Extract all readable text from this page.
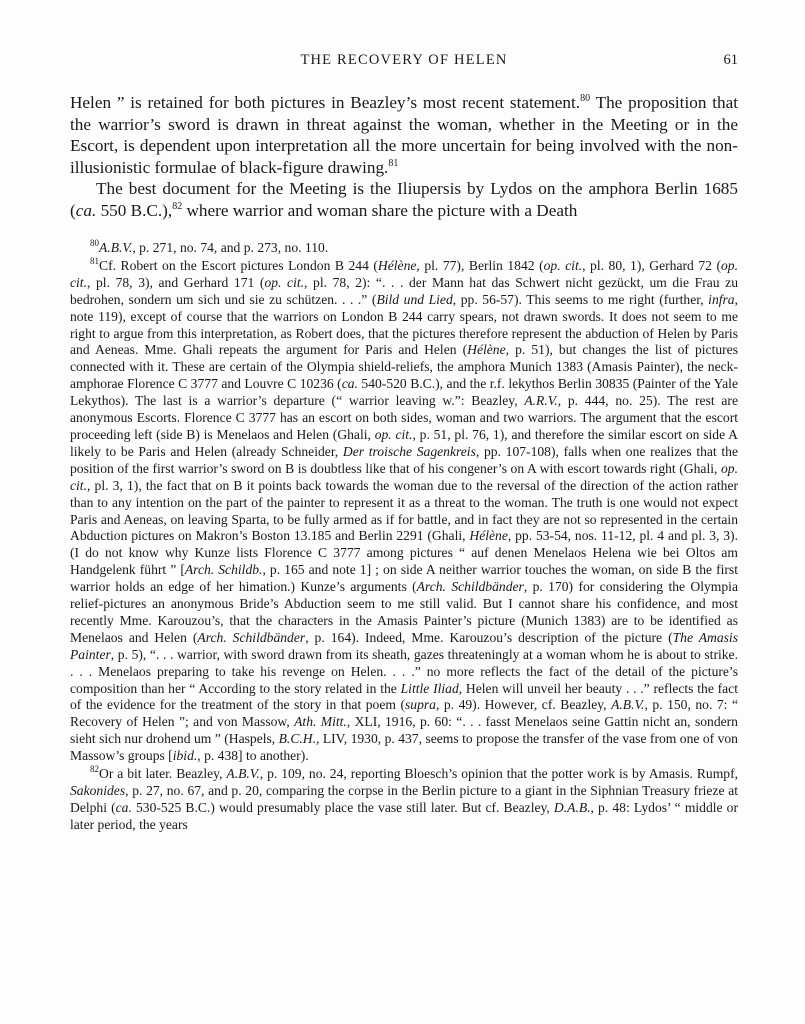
THE RECOVERY OF HELEN	61

Helen ” is retained for both pictures in Beazley’s most recent statement.$^{80}$ The proposition that the warrior’s sword is drawn in threat against the woman, whether in the Meeting or in the Escort, is dependent upon interpretation all the more uncertain for being involved with the non-illusionistic formulae of black-figure drawing.$^{81}$

The best document for the Meeting is the Iliupersis by Lydos on the amphora Berlin 1685 (ca. 550 B.C.),$^{82}$ where warrior and woman share the picture with a Death

$^{80}$A.B.V., p. 271, no. 74, and p. 273, no. 110.

$^{81}$Cf. Robert on the Escort pictures London B 244 (Hélène, pl. 77), Berlin 1842 (op. cit., pl. 80, 1), Gerhard 72 (op. cit., pl. 78, 3), and Gerhard 171 (op. cit., pl. 78, 2): “. . . der Mann hat das Schwert nicht gezückt, um die Frau zu bedrohen, sondern um sich und sie zu schützen. . . .” (Bild und Lied, pp. 56-57). This seems to me right (further, infra, note 119), except of course that the warriors on London B 244 carry spears, not drawn swords. It does not seem to me right to argue from this interpretation, as Robert does, that the pictures therefore represent the abduction of Helen by Paris and Aeneas. Mme. Ghali repeats the argument for Paris and Helen (Hélène, p. 51), but changes the list of pictures connected with it. These are certain of the Olympia shield-reliefs, the amphora Munich 1383 (Amasis Painter), the neck-amphorae Florence C 3777 and Louvre C 10236 (ca. 540-520 B.C.), and the r.f. lekythos Berlin 30835 (Painter of the Yale Lekythos). The last is a warrior’s departure (“ warrior leaving w.”: Beazley, A.R.V., p. 444, no. 25). The rest are anonymous Escorts. Florence C 3777 has an escort on both sides, woman and two warriors. The argument that the escort proceeding left (side B) is Menelaos and Helen (Ghali, op. cit., p. 51, pl. 76, 1), and therefore the similar escort on side A likely to be Paris and Helen (already Schneider, Der troische Sagenkreis, pp. 107-108), falls when one realizes that the position of the first warrior’s sword on B is doubtless like that of his congener’s on A with escort towards right (Ghali, op. cit., pl. 3, 1), the fact that on B it points back towards the woman due to the reversal of the direction of the action rather than to any intention on the part of the painter to represent it as a threat to the woman. The truth is one would not expect Paris and Aeneas, on leaving Sparta, to be fully armed as if for battle, and in fact they are not so represented in the certain Abduction pictures on Makron’s Boston 13.185 and Berlin 2291 (Ghali, Hélène, pp. 53-54, nos. 11-12, pl. 4 and pl. 3, 3). (I do not know why Kunze lists Florence C 3777 among pictures “ auf denen Menelaos Helena wie bei Oltos am Handgelenk führt ” [Arch. Schildb., p. 165 and note 1] ; on side A neither warrior touches the woman, on side B the first warrior holds an edge of her himation.) Kunze’s arguments (Arch. Schildbänder, p. 170) for considering the Olympia relief-pictures an anonymous Bride’s Abduction seem to me still valid. But I cannot share his confidence, and most recently Mme. Karouzou’s, that the characters in the Amasis Painter’s picture (Munich 1383) are to be identified as Menelaos and Helen (Arch. Schildbänder, p. 164). Indeed, Mme. Karouzou’s description of the picture (The Amasis Painter, p. 5), “. . . warrior, with sword drawn from its sheath, gazes threateningly at a woman whom he is about to strike. . . . Menelaos preparing to take his revenge on Helen. . . .” no more reflects the fact of the detail of the picture’s composition than her “ According to the story related in the Little Iliad, Helen will unveil her beauty . . .” reflects the fact of the evidence for the treatment of the story in that poem (supra, p. 49). However, cf. Beazley, A.B.V., p. 150, no. 7: “ Recovery of Helen ”; and von Massow, Ath. Mitt., XLI, 1916, p. 60: “. . . fasst Menelaos seine Gattin nicht an, sondern sieht sich nur drohend um ” (Haspels, B.C.H., LIV, 1930, p. 437, seems to propose the transfer of the vase from one of von Massow’s groups [ibid., p. 438] to another).

$^{82}$Or a bit later. Beazley, A.B.V., p. 109, no. 24, reporting Bloesch’s opinion that the potter work is by Amasis. Rumpf, Sakonides, p. 27, no. 67, and p. 20, comparing the corpse in the Berlin picture to a giant in the Siphnian Treasury frieze at Delphi (ca. 530-525 B.C.) would presumably place the vase still later. But cf. Beazley, D.A.B., p. 48: Lydos’ “ middle or later period, the years
